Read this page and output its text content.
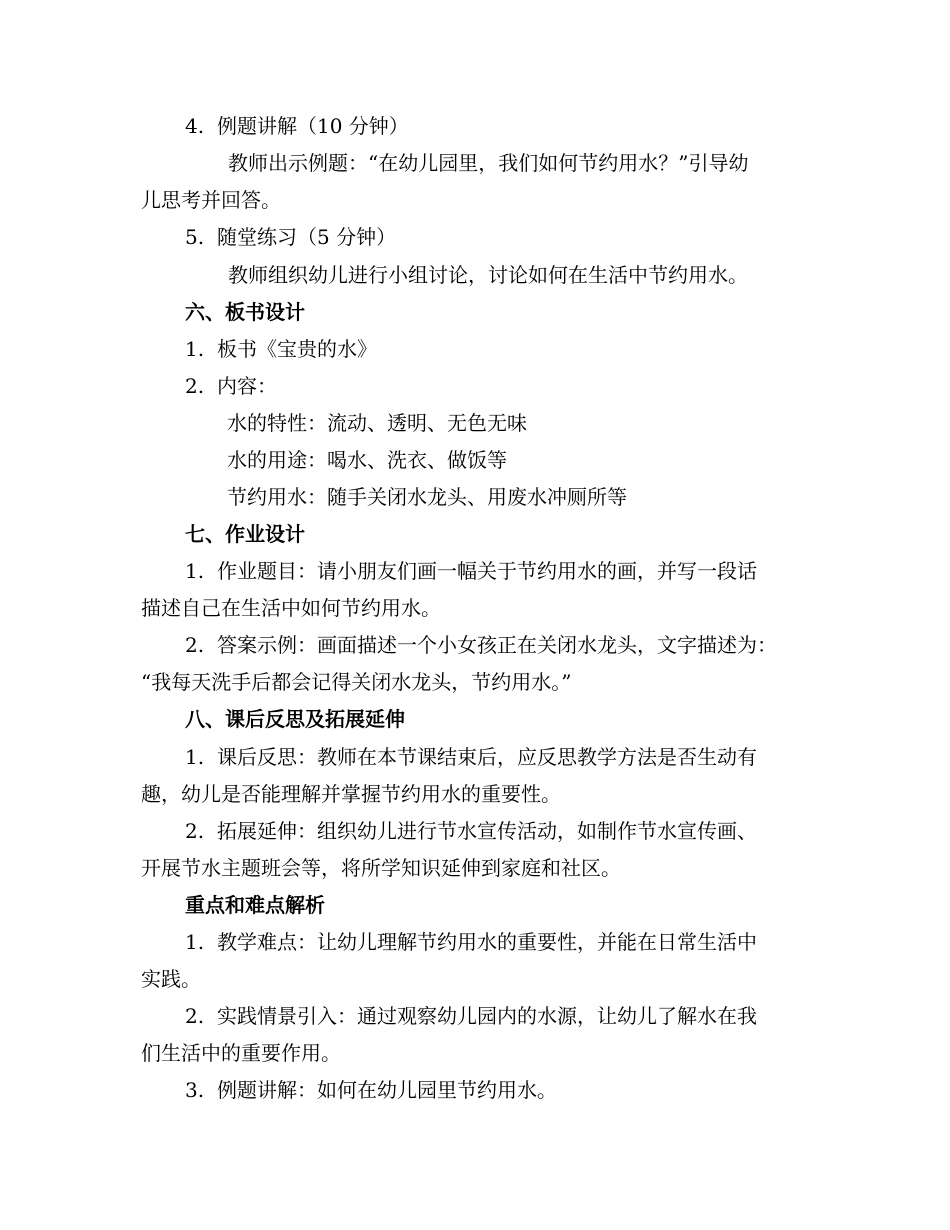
4. 例题讲解（10 分钟）
教师出示例题：“在幼儿园里，我们如何节约用水？”引导幼
儿思考并回答。
5. 随堂练习（5 分钟）
教师组织幼儿进行小组讨论，讨论如何在生活中节约用水。
六、板书设计
1. 板书《宝贵的水》
2. 内容：
水的特性：流动、透明、无色无味
水的用途：喝水、洗衣、做饭等
节约用水：随手关闭水龙头、用废水冲厕所等
七、作业设计
1. 作业题目：请小朋友们画一幅关于节约用水的画，并写一段话
描述自己在生活中如何节约用水。
2. 答案示例：画面描述一个小女孩正在关闭水龙头，文字描述为：
“我每天洗手后都会记得关闭水龙头，节约用水。”
八、课后反思及拓展延伸
1. 课后反思：教师在本节课结束后，应反思教学方法是否生动有
趣，幼儿是否能理解并掌握节约用水的重要性。
2. 拓展延伸：组织幼儿进行节水宣传活动，如制作节水宣传画、
开展节水主题班会等，将所学知识延伸到家庭和社区。
重点和难点解析
1. 教学难点：让幼儿理解节约用水的重要性，并能在日常生活中
实践。
2. 实践情景引入：通过观察幼儿园内的水源，让幼儿了解水在我
们生活中的重要作用。
3. 例题讲解：如何在幼儿园里节约用水。
